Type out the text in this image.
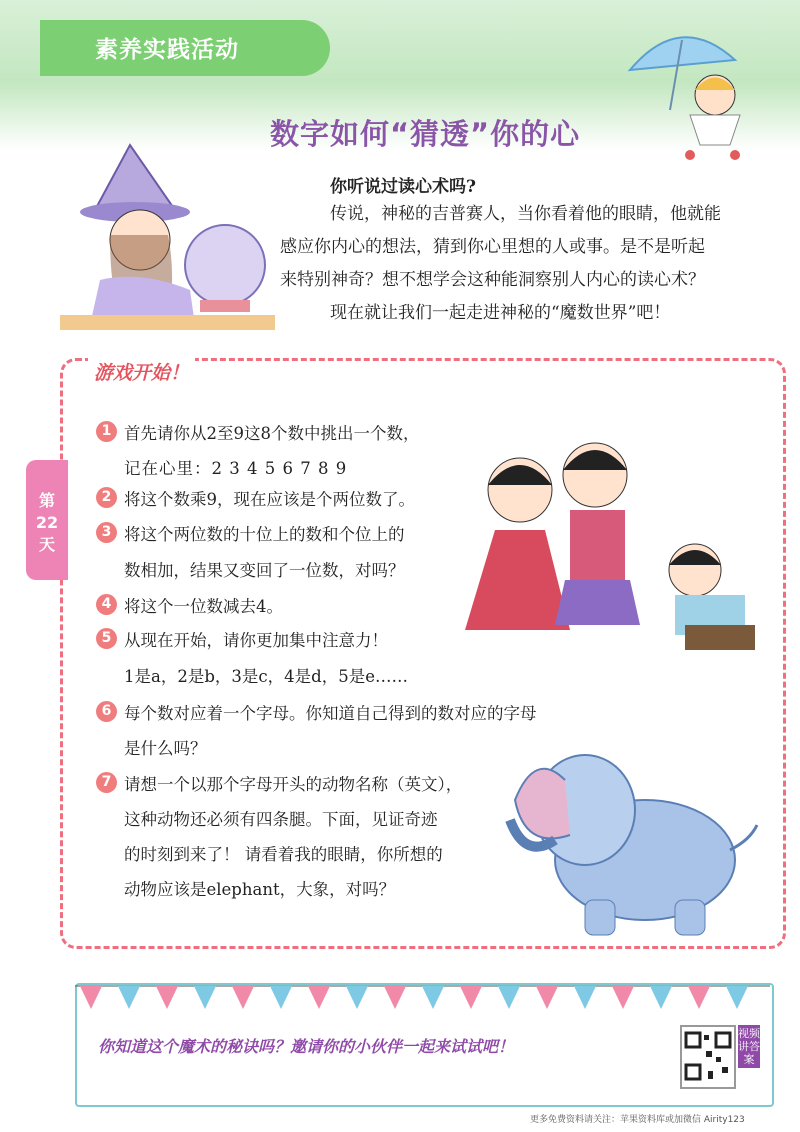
素养实践活动
数字如何“猜透”你的心
你听说过读心术吗?
传说，神秘的吉普赛人，当你看着他的眼睛，他就能
感应你内心的想法，猜到你心里想的人或事。是不是听起
来特别神奇？想不想学会这种能洞察别人内心的读心术？
现在就让我们一起走进神秘的“魔数世界”吧！
游戏开始！
第
22
天
1 首先请你从2至9这8个数中挑出一个数，
记在心里：2 3 4 5 6 7 8 9
2 将这个数乘9，现在应该是个两位数了。
3 将这个两位数的十位上的数和个位上的
数相加，结果又变回了一位数，对吗？
4 将这个一位数减去4。
5 从现在开始，请你更加集中注意力！
1是a，2是b，3是c，4是d，5是e……
6 每个数对应着一个字母。你知道自己得到的数对应的字母
是什么吗？
7 请想一个以那个字母开头的动物名称（英文），
这种动物还必须有四条腿。下面，见证奇迹
的时刻到来了！ 请看着我的眼睛，你所想的
动物应该是elephant，大象，对吗？
你知道这个魔术的秘诀吗？邀请你的小伙伴一起来试试吧！
视频讲答案
更多免费资料请关注：苹果资料库或加微信 Airity123
